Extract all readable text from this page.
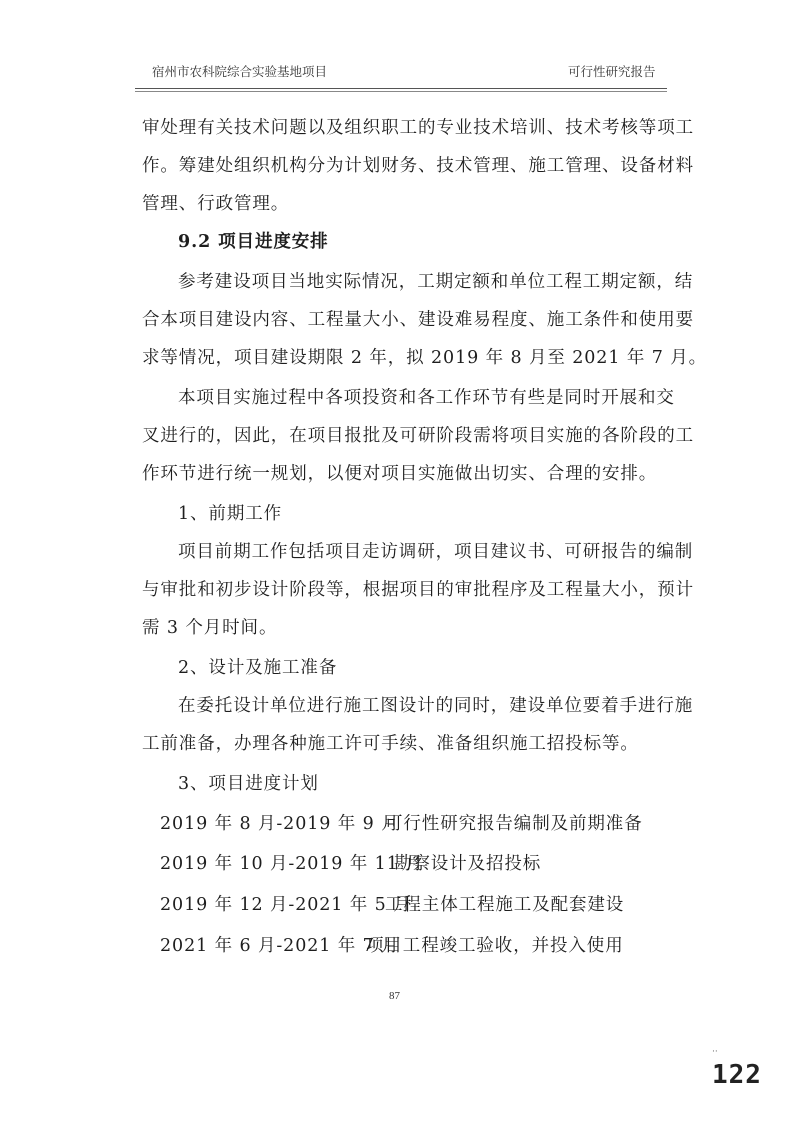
宿州市农科院综合实验基地项目	可行性研究报告
审处理有关技术问题以及组织职工的专业技术培训、技术考核等项工
作。筹建处组织机构分为计划财务、技术管理、施工管理、设备材料
管理、行政管理。
9.2 项目进度安排
参考建设项目当地实际情况，工期定额和单位工程工期定额，结
合本项目建设内容、工程量大小、建设难易程度、施工条件和使用要
求等情况，项目建设期限 2 年，拟 2019 年 8 月至 2021 年 7 月。
本项目实施过程中各项投资和各工作环节有些是同时开展和交
叉进行的，因此，在项目报批及可研阶段需将项目实施的各阶段的工
作环节进行统一规划，以便对项目实施做出切实、合理的安排。
1、前期工作
项目前期工作包括项目走访调研，项目建议书、可研报告的编制
与审批和初步设计阶段等，根据项目的审批程序及工程量大小，预计
需 3 个月时间。
2、设计及施工准备
在委托设计单位进行施工图设计的同时，建设单位要着手进行施
工前准备，办理各种施工许可手续、准备组织施工招投标等。
3、项目进度计划
2019 年 8 月-2019 年 9 月
可行性研究报告编制及前期准备
2019 年 10 月-2019 年 11 月
勘察设计及招投标
2019 年 12 月-2021 年 5 月
工程主体工程施工及配套建设
2021 年 6 月-2021 年 7 月
项目工程竣工验收，并投入使用
87
··
122
